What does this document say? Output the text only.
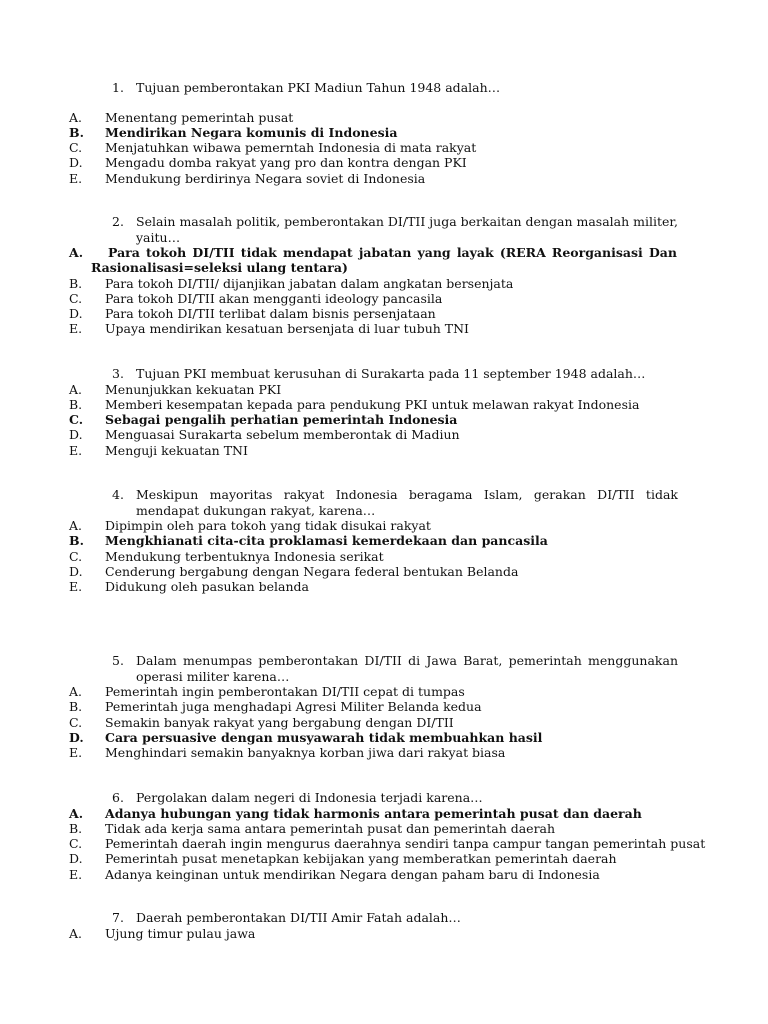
1. Tujuan pemberontakan PKI Madiun Tahun 1948 adalah…
A. Menentang pemerintah pusat
B. Mendirikan Negara komunis di Indonesia
C. Menjatuhkan wibawa pemerntah Indonesia di mata rakyat
D. Mengadu domba rakyat yang pro dan kontra dengan PKI
E. Mendukung berdirinya Negara soviet di Indonesia
2. Selain masalah politik, pemberontakan DI/TII juga berkaitan dengan masalah militer, yaitu…
A.	Para tokoh DI/TII tidak mendapat jabatan yang layak (RERA Reorganisasi Dan Rasionalisasi=seleksi ulang tentara)
B. Para tokoh DI/TII/ dijanjikan jabatan dalam angkatan bersenjata
C. Para tokoh DI/TII akan mengganti ideology pancasila
D. Para tokoh DI/TII terlibat dalam bisnis persenjataan
E. Upaya mendirikan kesatuan bersenjata di luar tubuh TNI
3. Tujuan PKI membuat kerusuhan di Surakarta pada 11 september 1948 adalah…
A. Menunjukkan kekuatan PKI
B. Memberi kesempatan kepada para pendukung PKI untuk melawan rakyat Indonesia
C. Sebagai pengalih perhatian pemerintah Indonesia
D. Menguasai Surakarta sebelum memberontak di Madiun
E. Menguji kekuatan TNI
4. Meskipun mayoritas rakyat Indonesia beragama Islam, gerakan DI/TII tidak mendapat dukungan rakyat, karena…
A. Dipimpin oleh para tokoh yang tidak disukai rakyat
B. Mengkhianati cita-cita proklamasi kemerdekaan dan pancasila
C. Mendukung terbentuknya Indonesia serikat
D. Cenderung bergabung dengan Negara federal bentukan Belanda
E. Didukung oleh pasukan belanda
5. Dalam menumpas pemberontakan DI/TII di Jawa Barat, pemerintah menggunakan operasi militer karena…
A. Pemerintah ingin pemberontakan DI/TII cepat di tumpas
B. Pemerintah juga menghadapi Agresi Militer Belanda kedua
C. Semakin banyak rakyat yang bergabung dengan DI/TII
D. Cara persuasive dengan musyawarah tidak membuahkan hasil
E. Menghindari semakin banyaknya korban jiwa dari rakyat biasa
6. Pergolakan dalam negeri di Indonesia terjadi karena…
A. Adanya hubungan yang tidak harmonis antara pemerintah pusat dan daerah
B. Tidak ada kerja sama antara pemerintah pusat dan pemerintah daerah
C. Pemerintah daerah ingin mengurus daerahnya sendiri tanpa campur tangan pemerintah pusat
D. Pemerintah pusat menetapkan kebijakan yang memberatkan pemerintah daerah
E. Adanya keinginan untuk mendirikan Negara dengan paham baru di Indonesia
7. Daerah pemberontakan DI/TII Amir Fatah adalah…
A. Ujung timur pulau jawa
